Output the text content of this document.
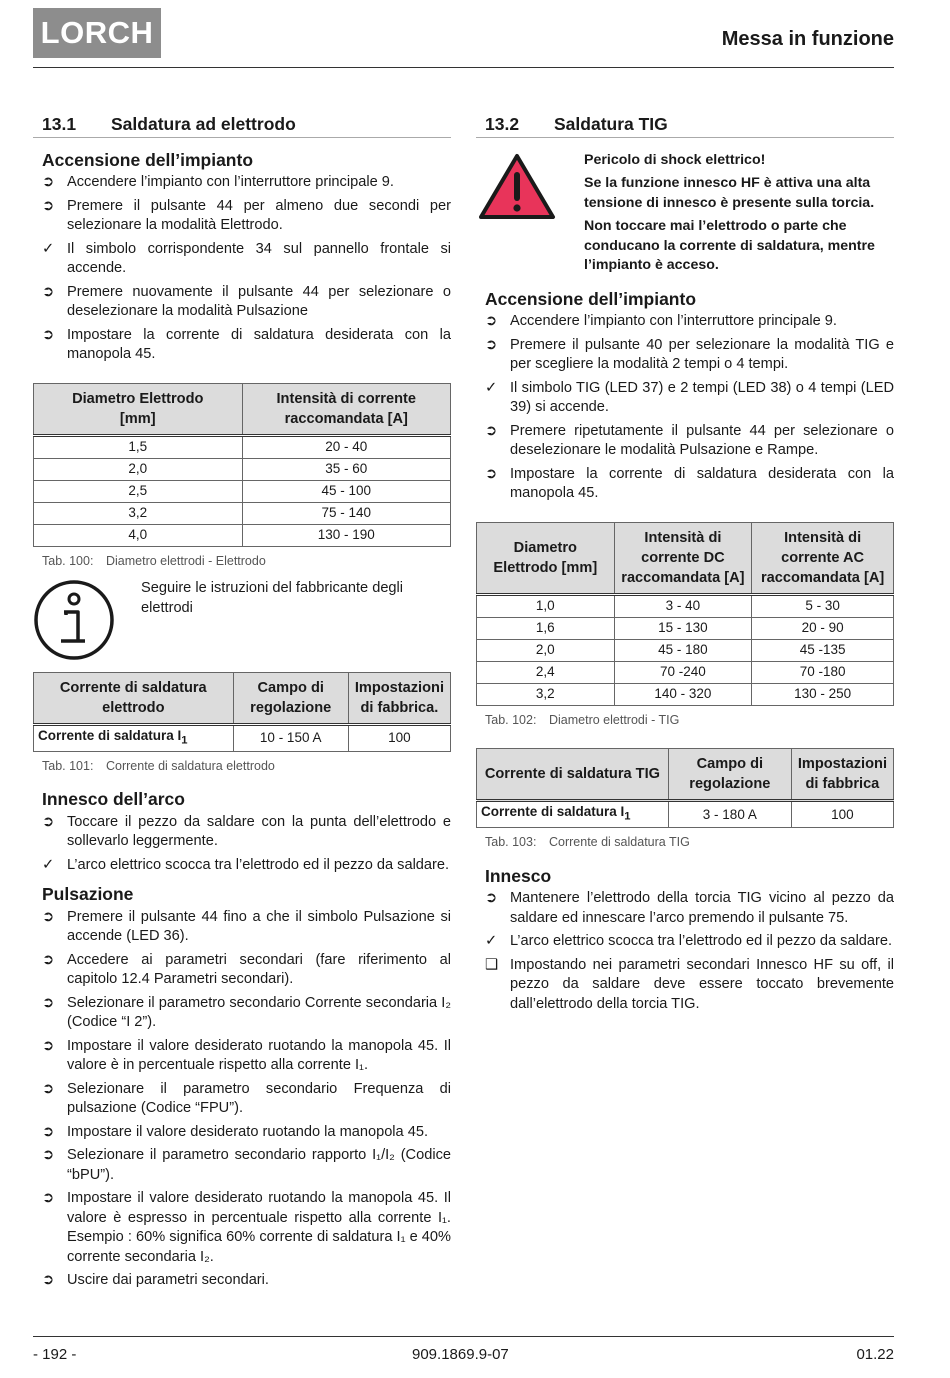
LORCH	Messa in funzione
13.1	Saldatura ad elettrodo
Accensione dell’impianto
➲ Accendere l’impianto con l’interruttore principale 9.
➲ Premere il pulsante 44 per almeno due secondi per selezionare la modalità Elettrodo.
✓ Il simbolo corrispondente 34 sul pannello frontale si accende.
➲ Premere nuovamente il pulsante 44 per selezionare o deselezionare la modalità Pulsazione
➲ Impostare la corrente di saldatura desiderata con la manopola 45.
Diametro Elettrodo
[mm]	Intensità di corrente raccomandata [A]
1,5	20 - 40
2,0	35 - 60
2,5	45 - 100
3,2	75 - 140
4,0	130 - 190
Tab. 100:	Diametro elettrodi - Elettrodo
Seguire le istruzioni del fabbricante degli elettrodi
Corrente di saldatura elettrodo	Campo di regolazione	Impostazioni di fabbrica.
Corrente di saldatura $I_1$	10 - 150 A	100
Tab. 101:	Corrente di saldatura elettrodo
Innesco dell’arco
➲ Toccare il pezzo da saldare con la punta dell’elettrodo e sollevarlo leggermente.
✓ L’arco elettrico scocca tra l’elettrodo ed il pezzo da saldare.
Pulsazione
➲ Premere il pulsante 44 fino a che il simbolo Pulsazione si accende (LED 36).
➲ Accedere ai parametri secondari (fare riferimento al capitolo 12.4 Parametri secondari).
➲ Selezionare il parametro secondario Corrente secondaria I₂ (Codice “I 2”).
➲ Impostare il valore desiderato ruotando la manopola 45. Il valore è in percentuale rispetto alla corrente I₁.
➲ Selezionare il parametro secondario Frequenza di pulsazione (Codice “FPU”).
➲ Impostare il valore desiderato ruotando la manopola 45.
➲ Selezionare il parametro secondario rapporto I₁/I₂ (Codice “bPU”).
➲ Impostare il valore desiderato ruotando la manopola 45. Il valore è espresso in percentuale rispetto alla corrente I₁. Esempio : 60% significa 60% corrente di saldatura I₁ e 40% corrente secondaria I₂.
➲ Uscire dai parametri secondari.
13.2	Saldatura TIG

Pericolo di shock elettrico!

Se la funzione innesco HF è attiva una alta tensione di innesco è presente sulla torcia.

Non toccare mai l’elettrodo o parte che conducano la corrente di saldatura, mentre l’impianto è acceso.

Accensione dell’impianto
➲ Accendere l’impianto con l’interruttore principale 9.
➲ Premere il pulsante 40 per selezionare la modalità TIG e per scegliere la modalità 2 tempi o 4 tempi.
✓ Il simbolo TIG (LED 37) e 2 tempi (LED 38) o 4 tempi (LED 39) si accende.
➲ Premere ripetutamente il pulsante 44 per selezionare o deselezionare le modalità Pulsazione e Rampe.
➲ Impostare la corrente di saldatura desiderata con la manopola 45.
Diametro Elettrodo [mm]	Intensità di corrente DC raccomandata [A]	Intensità di corrente AC raccomandata [A]
1,0	3 - 40	5 - 30
1,6	15 - 130	20 - 90
2,0	45 - 180	45 -135
2,4	70 -240	70 -180
3,2	140 - 320	130 - 250
Tab. 102:	Diametro elettrodi - TIG
Corrente di saldatura TIG	Campo di regolazione	Impostazioni di fabbrica
Corrente di saldatura $I_1$	3 - 180 A	100
Tab. 103:	Corrente di saldatura TIG
Innesco
➲ Mantenere l’elettrodo della torcia TIG vicino al pezzo da saldare ed innescare l’arco premendo il pulsante 75.
✓ L’arco elettrico scocca tra l’elettrodo ed il pezzo da saldare.
❑ Impostando nei parametri secondari Innesco HF su off, il pezzo da saldare deve essere toccato brevemente dall’elettrodo della torcia TIG.
- 192 -	909.1869.9-07	01.22
